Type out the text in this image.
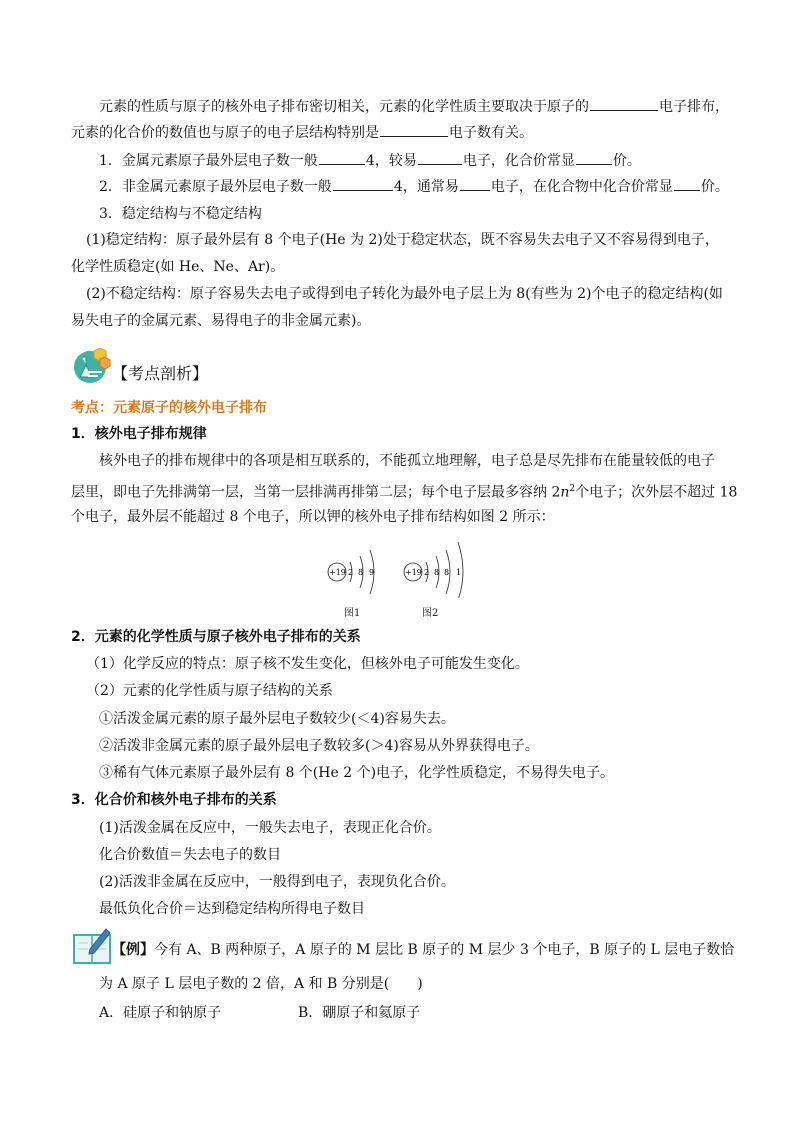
元素的性质与原子的核外电子排布密切相关，元素的化学性质主要取决于原子的	电子排布，
元素的化合价的数值也与原子的电子层结构特别是	电子数有关。
1．金属元素原子最外层电子数一般	4，较易	电子，化合价常显	价。
2．非金属元素原子最外层电子数一般	4，通常易 电子，在化合物中化合价常显 价。
3．稳定结构与不稳定结构
(1)稳定结构：原子最外层有 8 个电子(He 为 2)处于稳定状态，既不容易失去电子又不容易得到电子，
化学性质稳定(如 He、Ne、Ar)。
(2)不稳定结构：原子容易失去电子或得到电子转化为最外电子层上为 8(有些为 2)个电子的稳定结构(如
易失电子的金属元素、易得电子的非金属元素)。
【考点剖析】
考点：元素原子的核外电子排布
1．核外电子排布规律
核外电子的排布规律中的各项是相互联系的，不能孤立地理解，电子总是尽先排布在能量较低的电子
层里，即电子先排满第一层，当第一层排满再排第二层；每个电子层最多容纳 $2n^2$个电子；次外层不超过 18
个电子，最外层不能超过 8 个电子，所以钾的核外电子排布结构如图 2 所示：
+19 2 8 9	+19 2 8 8 1
图1	图2
2．元素的化学性质与原子核外电子排布的关系
（1）化学反应的特点：原子核不发生变化，但核外电子可能发生变化。
（2）元素的化学性质与原子结构的关系
①活泼金属元素的原子最外层电子数较少(＜4)容易失去。
②活泼非金属元素的原子最外层电子数较多(＞4)容易从外界获得电子。
③稀有气体元素原子最外层有 8 个(He 2 个)电子，化学性质稳定，不易得失电子。
3．化合价和核外电子排布的关系
(1)活泼金属在反应中，一般失去电子，表现正化合价。
化合价数值＝失去电子的数目
(2)活泼非金属在反应中，一般得到电子，表现负化合价。
最低负化合价＝达到稳定结构所得电子数目
【例】今有 A、B 两种原子，A 原子的 M 层比 B 原子的 M 层少 3 个电子，B 原子的 L 层电子数恰
为 A 原子 L 层电子数的 2 倍，A 和 B 分别是(　　)
A．硅原子和钠原子	B．硼原子和氦原子
